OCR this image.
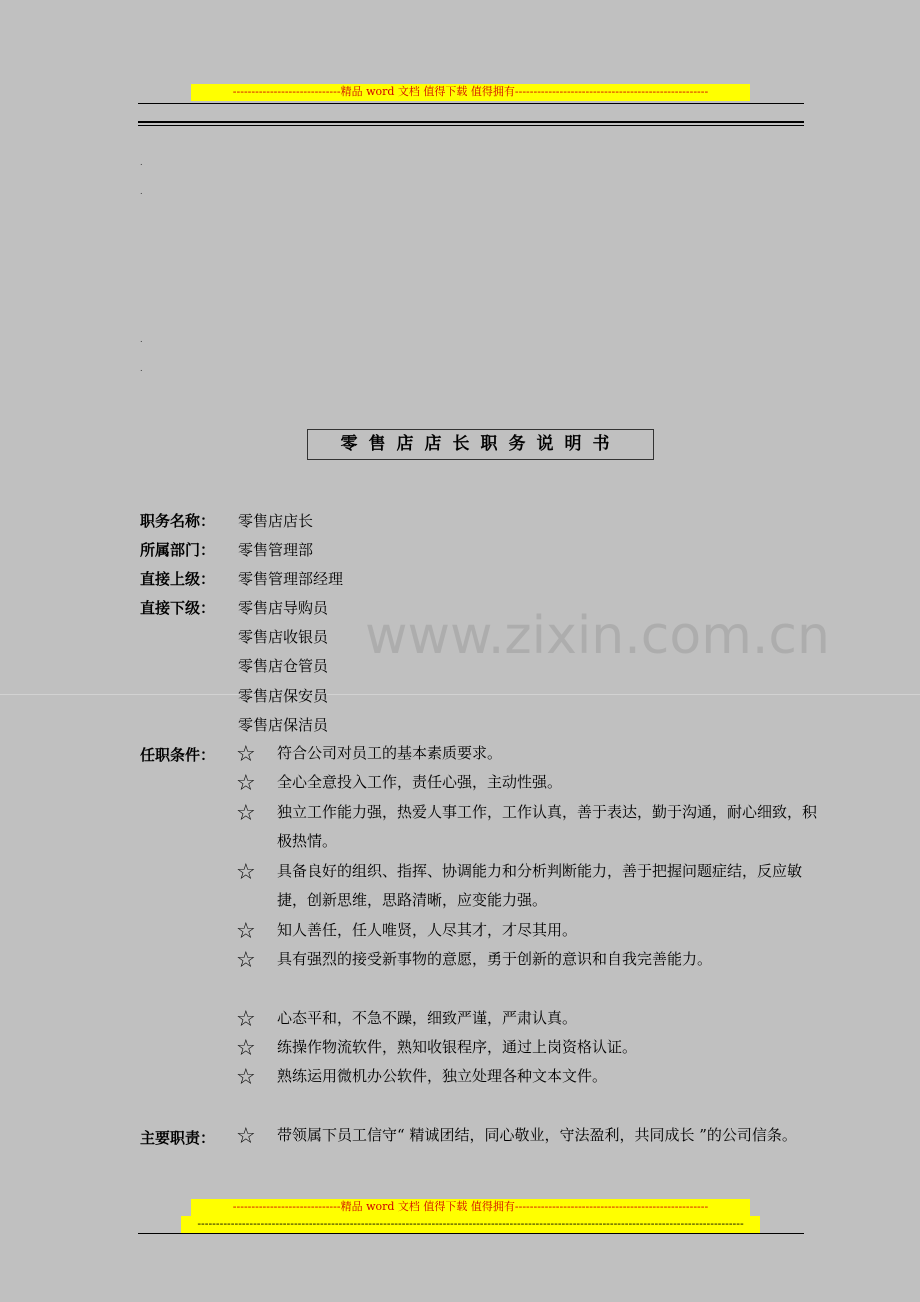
-----------------------------精品 word 文档 值得下载 值得拥有----------------------------------------------------
.
.
.
.
零售店店长职务说明书
www.zixin.com.cn
职务名称： 零售店店长
所属部门： 零售管理部
直接上级： 零售管理部经理
直接下级： 零售店导购员
零售店收银员
零售店仓管员
零售店保安员
零售店保洁员
任职条件： ☆ 符合公司对员工的基本素质要求。
☆ 全心全意投入工作，责任心强，主动性强。
☆ 独立工作能力强，热爱人事工作，工作认真，善于表达，勤于沟通，耐心细致，积极热情。
☆ 具备良好的组织、指挥、协调能力和分析判断能力，善于把握问题症结，反应敏捷，创新思维，思路清晰，应变能力强。
☆ 知人善任，任人唯贤，人尽其才，才尽其用。
☆ 具有强烈的接受新事物的意愿，勇于创新的意识和自我完善能力。
☆ 心态平和，不急不躁，细致严谨，严肃认真。
☆ 练操作物流软件，熟知收银程序，通过上岗资格认证。
☆ 熟练运用微机办公软件，独立处理各种文本文件。
主要职责： ☆ 带领属下员工信守“ 精诚团结，同心敬业，守法盈利，共同成长 ”的公司信条。
-----------------------------精品 word 文档 值得下载 值得拥有----------------------------------------------------
---------------------------------------------------------------------------------------------------------------------------------------------------
